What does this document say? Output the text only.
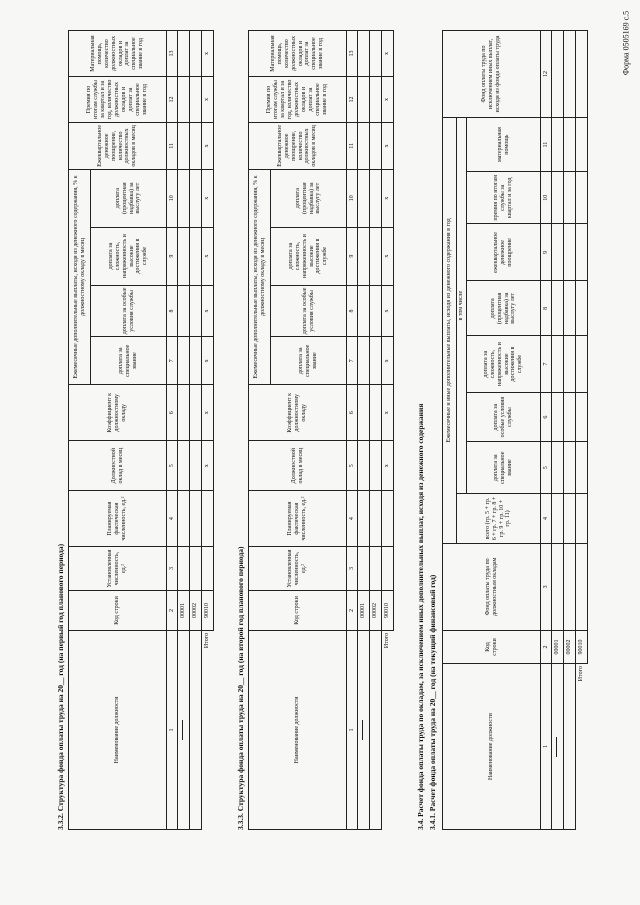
Форма 0505169 с.5
3.3.2. Структура фонда оплаты труда на 20__ год (на первый год планового периода)	Наименование должности	Код строки	Установленная численность, ед.²	Планируемая фактическая численность, ед.²	Должностной оклад в месяц	Коэффициент к должностному окладу	Ежемесячные дополнительные выплаты, исходя из денежного содержания, % к должностному окладу в месяц				Ежеквартальное денежное поощрение, количество должностных окладов в месяц	Премия по итогам службы за квартал и за год, количество должностных окладов и доплат за специальное звание в год	Материальная помощь, количество должностных окладов и доплат за специальное звание в год
						доплата за специальное звание	доплата за особые условия службы	доплата за сложность, напряженность и высокие достижения в службе	доплата (процентная надбавка) за выслугу лет			
1	2	3	4	5	6	7	8	9	10	11	12	13
	00001											
	00002											
Итого	90010			x	x	x	x	x	x	x	x	x
3.3.3. Структура фонда оплаты труда на 20__ год (на второй год планового периода)	Наименование должности	Код строки	Установленная численность, ед.²	Планируемая фактическая численность, ед.²	Должностной оклад в месяц	Коэффициент к должностному окладу	Ежемесячные дополнительные выплаты, исходя из денежного содержания, % к должностному окладу в месяц				Ежеквартальное денежное поощрение, количество должностных окладов в месяц	Премия по итогам службы за квартал и за год, количество должностных окладов и доплат за специальное звание в год	Материальная помощь, количество должностных окладов и доплат за специальное звание в год
						доплата за специальное звание	доплата за особые условия службы	доплата за сложность, напряженность и высокие достижения в службе	доплата (процентная надбавка) за выслугу лет			
1	2	3	4	5	6	7	8	9	10	11	12	13
	00001											
	00002											
Итого	90010			x	x	x	x	x	x	x	x	x
3.4. Расчет фонда оплаты труда по окладам, за исключением иных дополнительных выплат, исходя из денежного содержания 3.4.1. Расчет фонда оплаты труда на 20__ год (на текущий финансовый год)	Наименование должности	Код строки	Фонд оплаты труда по должностным окладам	Ежемесячные и иные дополнительные выплаты, исходя из денежного содержания в год								Фонд оплаты труда по исключением иных выплат, исходя из фонда оплаты труда
			всего (гр. 5 + гр. 6 + гр. 7 + гр. 8 + гр. 9 + гр. 10 + гр. 11)	в том числе							
				доплата за специальное звание	доплата за особые условия службы	доплата за сложность, напряженность и высокие достижения в службе	доплата (процентная надбавка) за выслугу лет	ежеквартальное денежное поощрение	премия по итогам службы за квартал и за год	материальная помощь	
1	2	3	4	5	6	7	8	9	10	11	12
	00001										
	00002										
Итого	90010										
